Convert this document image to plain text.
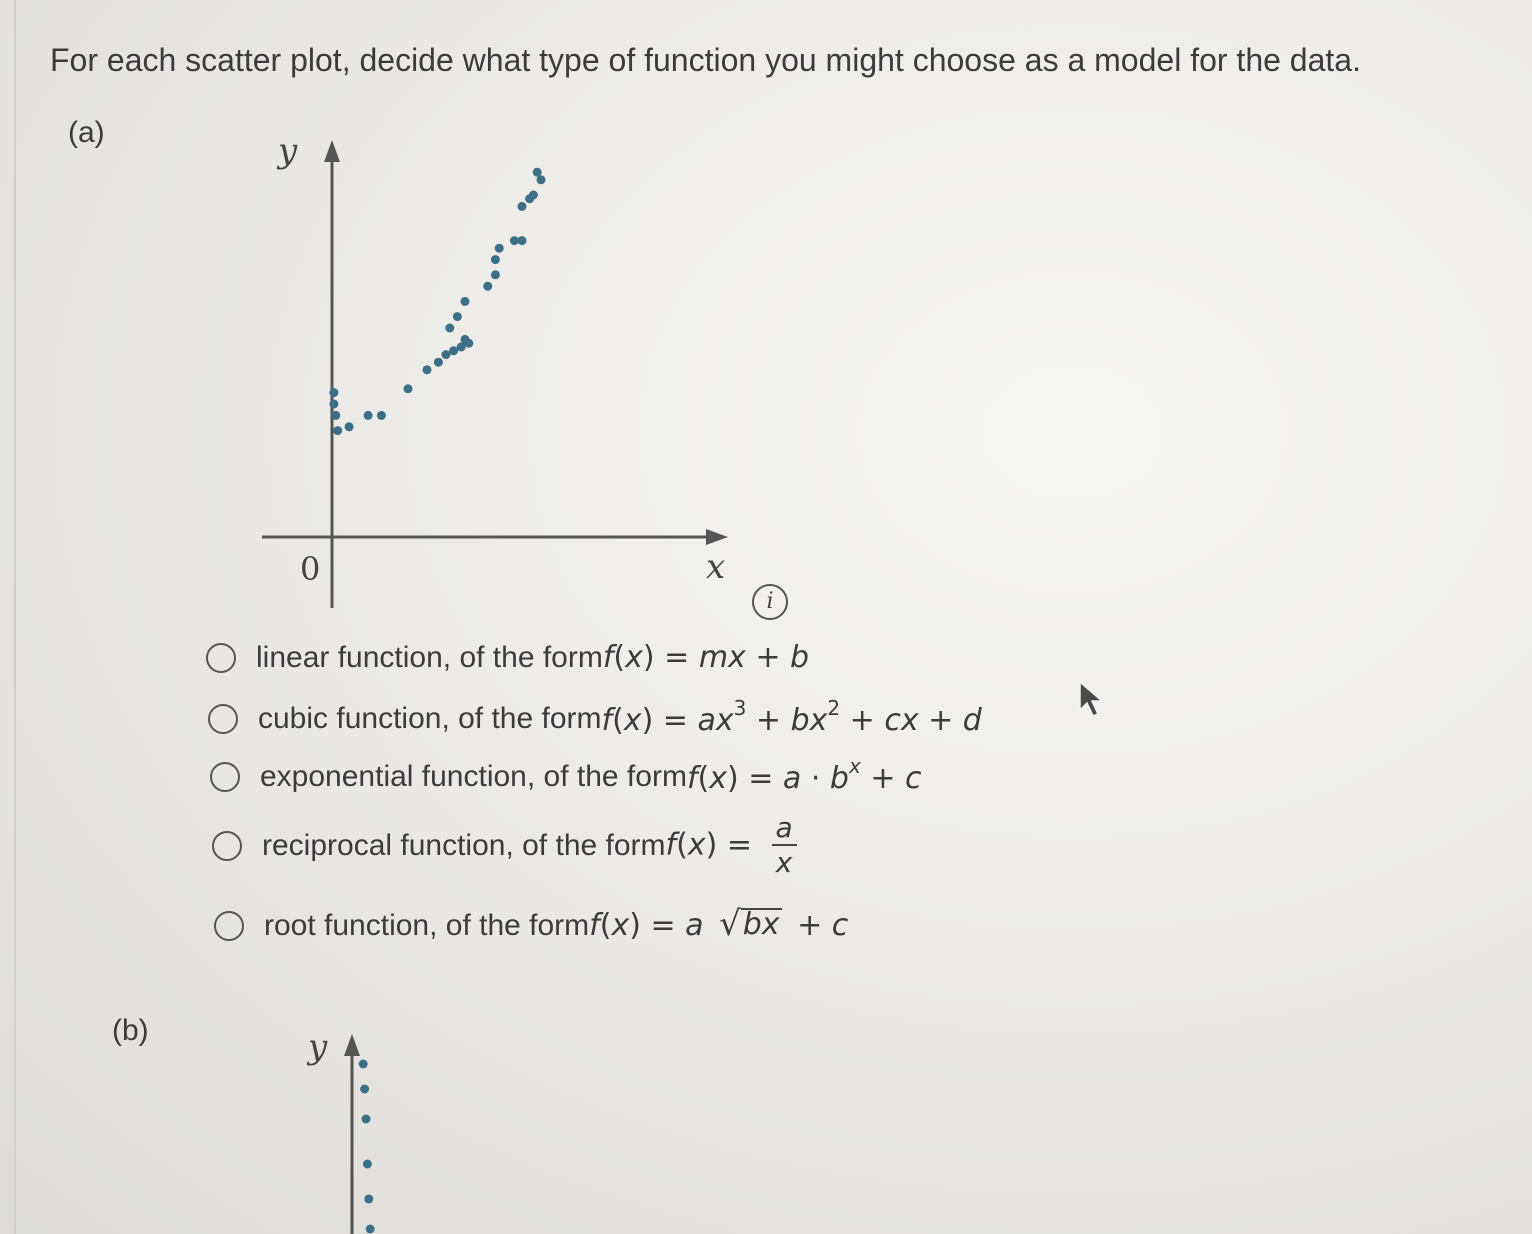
For each scatter plot, decide what type of function you might choose as a model for the data.
(a)	y
x
0
i
linear function, of the form f(x) = mx + b
cubic function, of the form $f(x) = ax^3 + bx^2$ + cx + d
exponential function, of the form $f(x) = a \cdot b^x + c$
reciprocal function, of the form $f(x) = \frac{a}{x}$
root function, of the form f(x) = a √ bx + c
(b)	y
